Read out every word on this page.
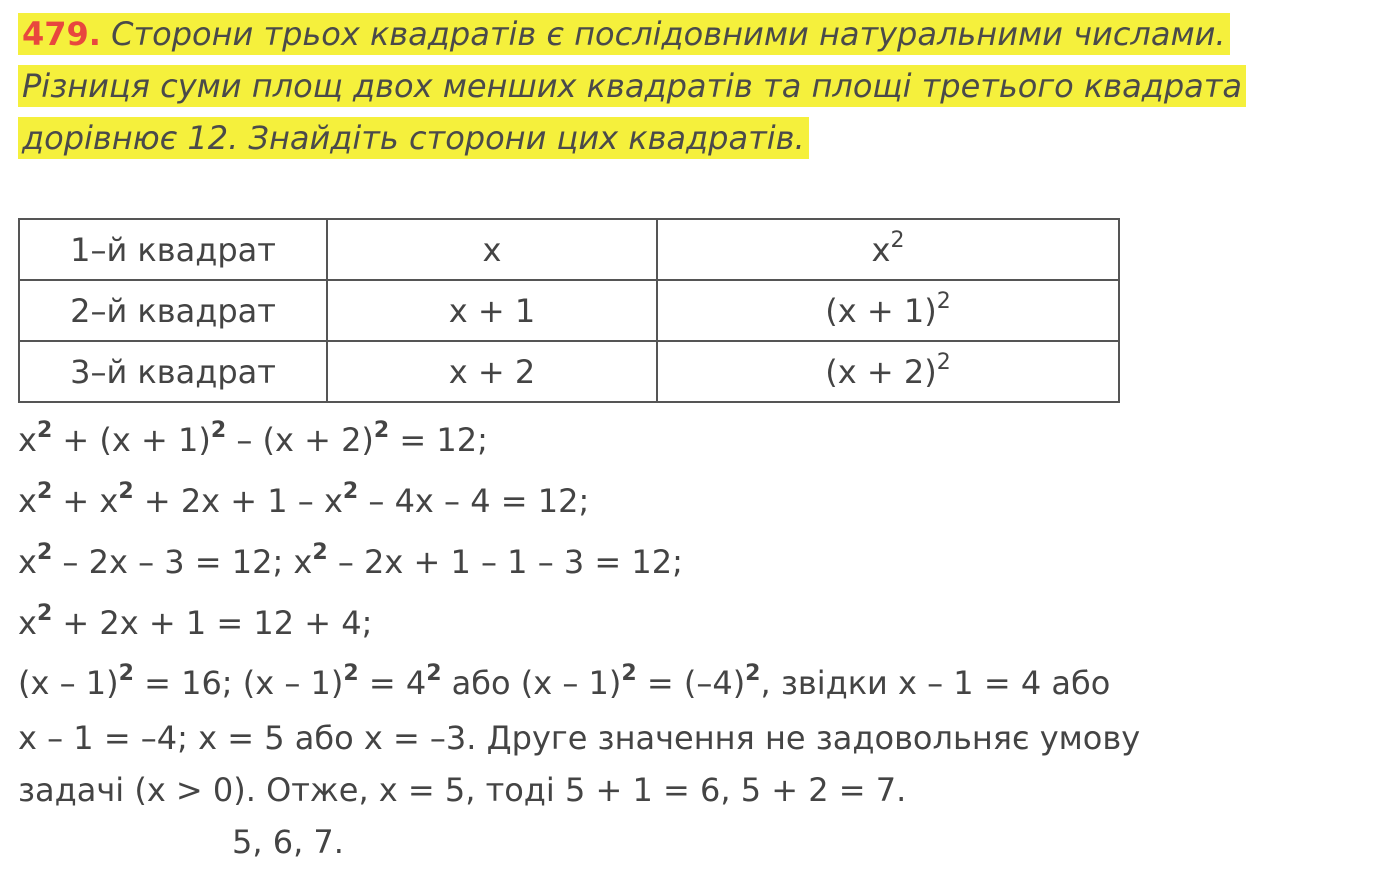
479. Сторони трьох квадратів є послідовними натуральними числами. Різниця суми площ двох менших квадратів та площі третього квадрата дорівнює 12. Знайдіть сторони цих квадратів.
1–й квадрат	x	$x^2$
2–й квадрат	x + 1	$(x + 1)^2$
3–й квадрат	x + 2	$(x + 2)^2$
$x^2 + (x + 1)^2 - (x + 2)^2 = 12$;
$x^2 + x^2 + 2x + 1 - x^2 - 4x - 4 = 12$;
$x^2 - 2x - 3 = 12$; $x^2 - 2x + 1 - 1 - 3 = 12$;
$x^2 + 2x + 1 = 12 + 4$;
(x – 1)$^2$ = 16; $(x - 1)^2 = 4^2$ або $(x - 1)^2 = (-4)^2$, звідки x – 1 = 4 або
x – 1 = –4; x = 5 або x = –3. Друге значення не задовольняє умову
задачі (x > 0). Отже, x = 5, тоді 5 + 1 = 6, 5 + 2 = 7.
5, 6, 7.
